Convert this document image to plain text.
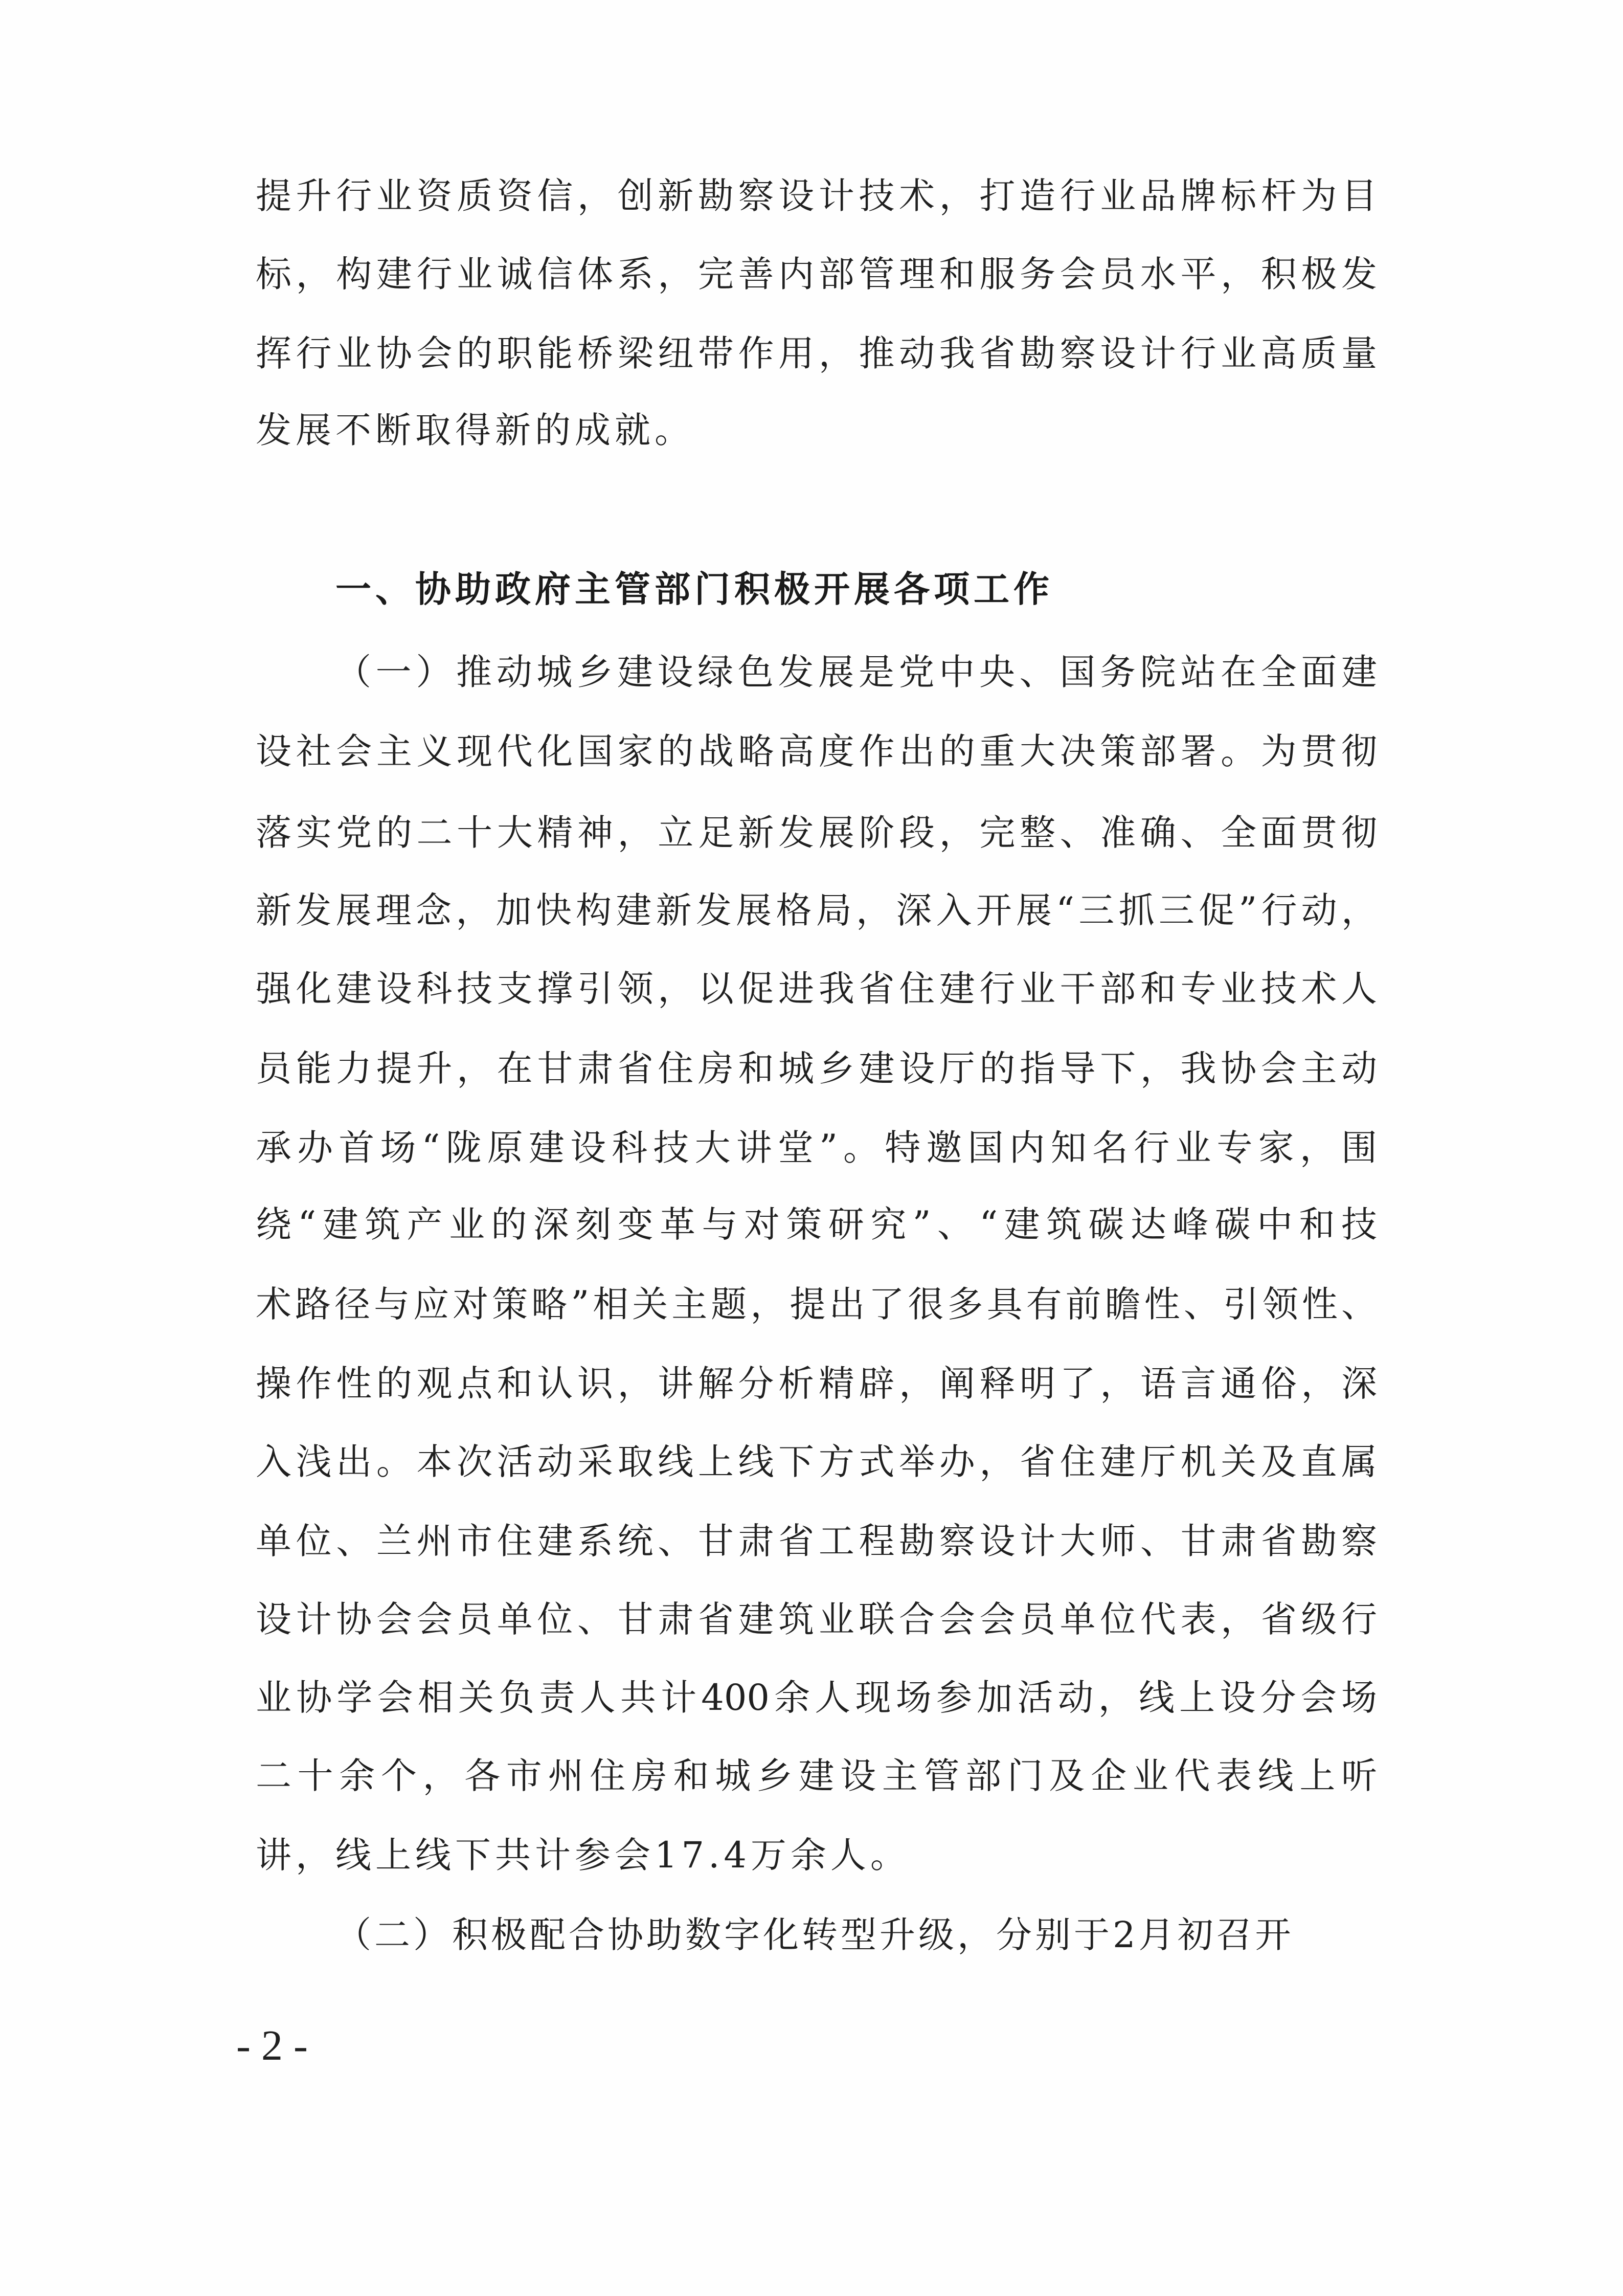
提升行业资质资信，创新勘察设计技术，打造行业品牌标杆为目
标，构建行业诚信体系，完善内部管理和服务会员水平，积极发
挥行业协会的职能桥梁纽带作用，推动我省勘察设计行业高质量
发展不断取得新的成就。
一、协助政府主管部门积极开展各项工作
（一）推动城乡建设绿色发展是党中央、国务院站在全面建
设社会主义现代化国家的战略高度作出的重大决策部署。为贯彻
落实党的二十大精神，立足新发展阶段，完整、准确、全面贯彻
新发展理念，加快构建新发展格局，深入开展“三抓三促”行动，
强化建设科技支撑引领，以促进我省住建行业干部和专业技术人
员能力提升，在甘肃省住房和城乡建设厅的指导下，我协会主动
承办首场“陇原建设科技大讲堂”。特邀国内知名行业专家，围
绕“建筑产业的深刻变革与对策研究”、“建筑碳达峰碳中和技
术路径与应对策略”相关主题，提出了很多具有前瞻性、引领性、
操作性的观点和认识，讲解分析精辟，阐释明了，语言通俗，深
入浅出。本次活动采取线上线下方式举办，省住建厅机关及直属
单位、兰州市住建系统、甘肃省工程勘察设计大师、甘肃省勘察
设计协会会员单位、甘肃省建筑业联合会会员单位代表，省级行
业协学会相关负责人共计400余人现场参加活动，线上设分会场
二十余个，各市州住房和城乡建设主管部门及企业代表线上听
讲，线上线下共计参会17.4万余人。
（二）积极配合协助数字化转型升级，分别于2月初召开
- 2 -
